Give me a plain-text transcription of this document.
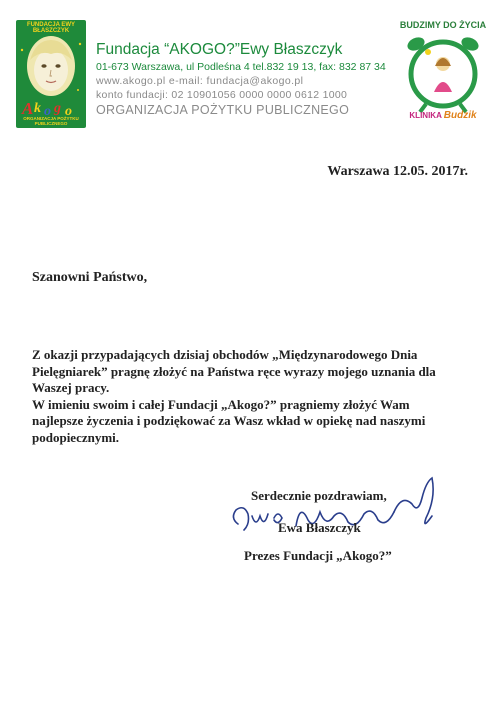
A k o g o
FUNDACJA EWY BŁASZCZYK
ORGANIZACJA POŻYTKU PUBLICZNEGO
Fundacja “AKOGO?”Ewy Błaszczyk
01-673 Warszawa, ul Podleśna 4 tel.832 19 13, fax: 832 87 34
www.akogo.pl e-mail: fundacja@akogo.pl
konto fundacji: 02 10901056 0000 0000 0612 1000
ORGANIZACJA POŻYTKU PUBLICZNEGO
BUDZIMY DO ŻYCIA
KLINIKA Budzik
Warszawa 12.05. 2017r.
Szanowni Państwo,

Z okazji przypadających dzisiaj obchodów „Międzynarodowego Dnia Pielęgniarek” pragnę złożyć na Państwa ręce wyrazy mojego uznania dla Waszej pracy.

W imieniu swoim i całej Fundacji „Akogo?” pragniemy złożyć Wam najlepsze życzenia i podziękować za Wasz wkład w opiekę nad naszymi podopiecznymi.

Serdecznie pozdrawiam,
Ewa Błaszczyk
Prezes Fundacji „Akogo?”
